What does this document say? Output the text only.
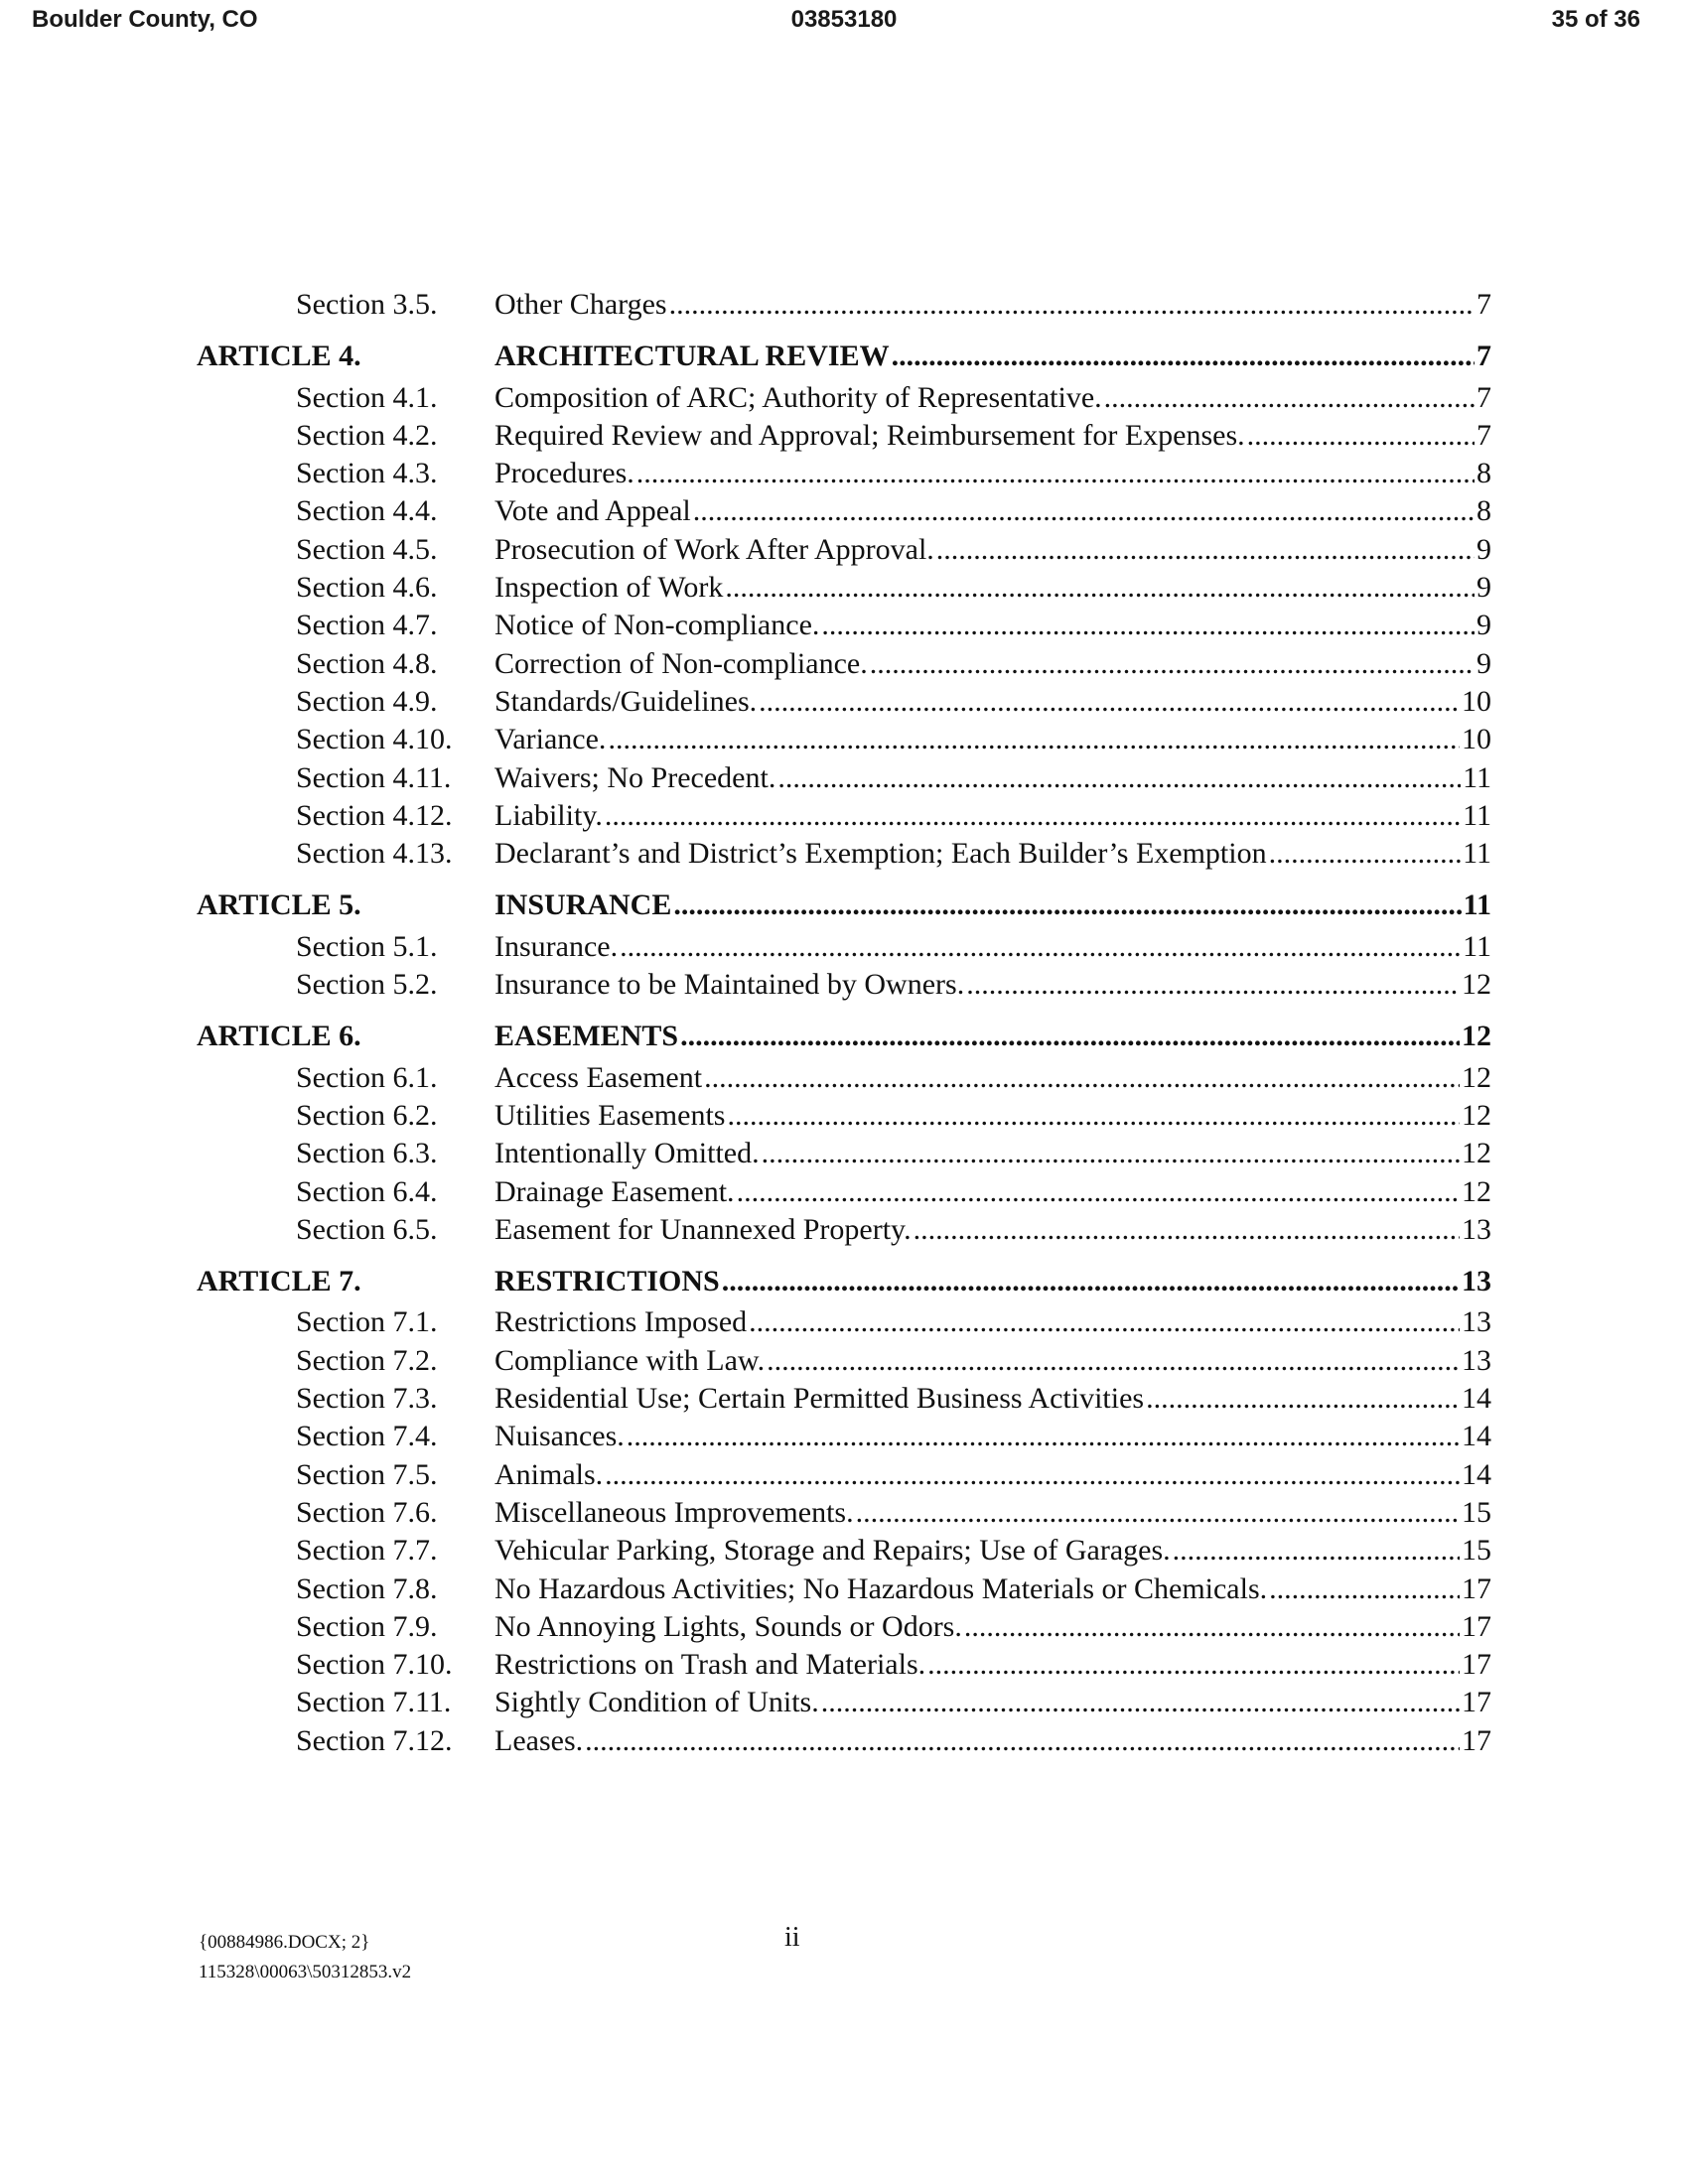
Boulder County, CO	03853180	35 of 36
Section 3.5.	Other Charges .....	7
ARTICLE 4.	ARCHITECTURAL REVIEW .....	7
Section 4.1.	Composition of ARC; Authority of Representative. .....	7
Section 4.2.	Required Review and Approval; Reimbursement for Expenses. .....	7
Section 4.3.	Procedures. .....	8
Section 4.4.	Vote and Appeal .....	8
Section 4.5.	Prosecution of Work After Approval. .....	9
Section 4.6.	Inspection of Work .....	9
Section 4.7.	Notice of Non-compliance. .....	9
Section 4.8.	Correction of Non-compliance. .....	9
Section 4.9.	Standards/Guidelines. .....	10
Section 4.10.	Variance. .....	10
Section 4.11.	Waivers; No Precedent. .....	11
Section 4.12.	Liability. .....	11
Section 4.13.	Declarant’s and District’s Exemption; Each Builder’s Exemption .....	11
ARTICLE 5.	INSURANCE .....	11
Section 5.1.	Insurance. .....	11
Section 5.2.	Insurance to be Maintained by Owners. .....	12
ARTICLE 6.	EASEMENTS .....	12
Section 6.1.	Access Easement .....	12
Section 6.2.	Utilities Easements .....	12
Section 6.3.	Intentionally Omitted. .....	12
Section 6.4.	Drainage Easement. .....	12
Section 6.5.	Easement for Unannexed Property. .....	13
ARTICLE 7.	RESTRICTIONS .....	13
Section 7.1.	Restrictions Imposed .....	13
Section 7.2.	Compliance with Law. .....	13
Section 7.3.	Residential Use; Certain Permitted Business Activities .....	14
Section 7.4.	Nuisances. .....	14
Section 7.5.	Animals. .....	14
Section 7.6.	Miscellaneous Improvements. .....	15
Section 7.7.	Vehicular Parking, Storage and Repairs; Use of Garages. .....	15
Section 7.8.	No Hazardous Activities; No Hazardous Materials or Chemicals. .....	17
Section 7.9.	No Annoying Lights, Sounds or Odors. .....	17
Section 7.10.	Restrictions on Trash and Materials. .....	17
Section 7.11.	Sightly Condition of Units. .....	17
Section 7.12.	Leases. .....	17
{00884986.DOCX; 2}
115328\00063\50312853.v2
ii
